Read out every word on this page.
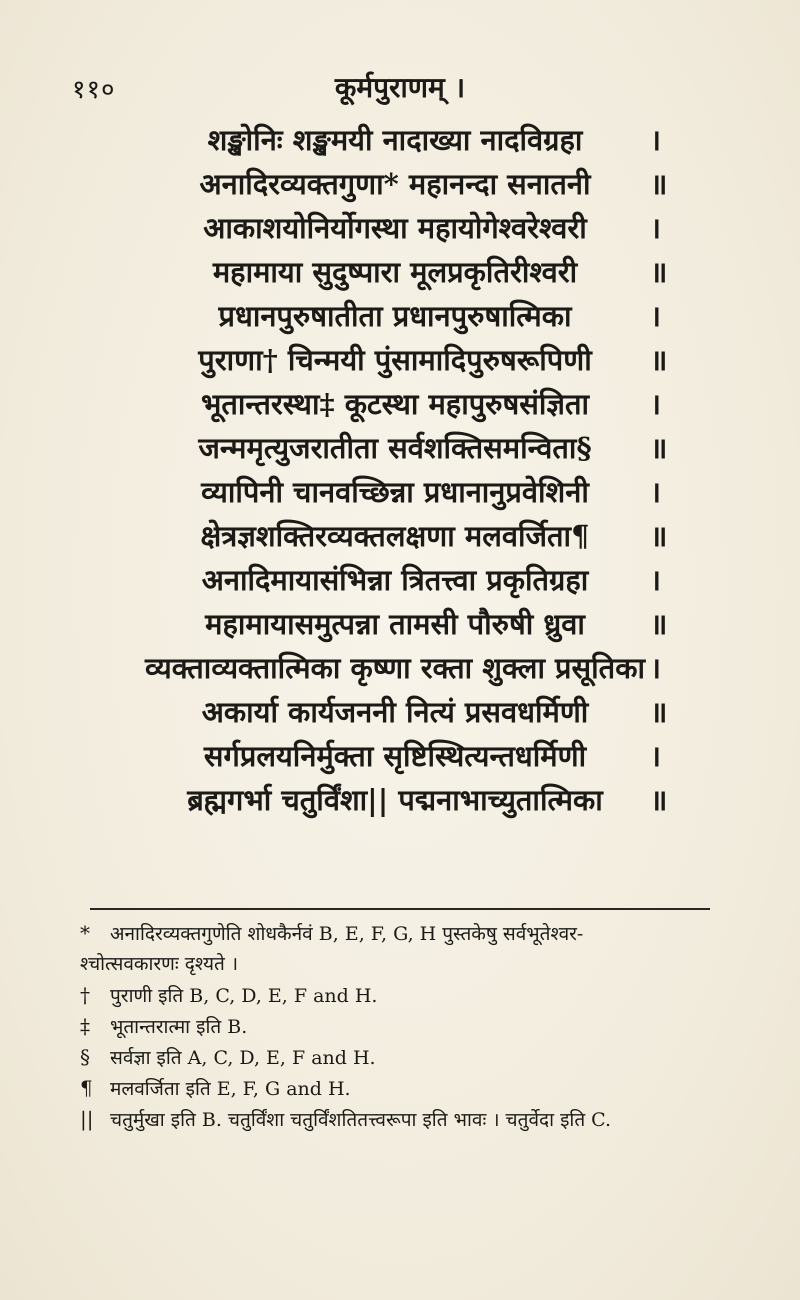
११०	कूर्मपुराणम् ।
शङ्खोनिः शङ्खमयी नादाख्या नादविग्रहा	।
अनादिरव्यक्तगुणा* महानन्दा सनातनी	॥
आकाशयोनिर्योगस्था महायोगेश्वरेश्वरी	।
महामाया सुदुष्पारा मूलप्रकृतिरीश्वरी	॥
प्रधानपुरुषातीता प्रधानपुरुषात्मिका	।
पुराणा† चिन्मयी पुंसामादिपुरुषरूपिणी	॥
भूतान्तरस्था‡ कूटस्था महापुरुषसंज्ञिता	।
जन्ममृत्युजरातीता सर्वशक्तिसमन्विता§	॥
व्यापिनी चानवच्छिन्ना प्रधानानुप्रवेशिनी	।
क्षेत्रज्ञशक्तिरव्यक्तलक्षणा मलवर्जिता¶	॥
अनादिमायासंभिन्ना त्रितत्त्वा प्रकृतिग्रहा	।
महामायासमुत्पन्ना तामसी पौरुषी ध्रुवा	॥
व्यक्ताव्यक्तात्मिका कृष्णा रक्ता शुक्ला प्रसूतिका ।
अकार्या कार्यजननी नित्यं प्रसवधर्मिणी	॥
सर्गप्रलयनिर्मुक्ता सृष्टिस्थित्यन्तधर्मिणी	।
ब्रह्मगर्भा चतुर्विंशा|| पद्मनाभाच्युतात्मिका	॥
* अनादिरव्यक्तगुणेति शोधकैर्नवं B, E, F, G, H पुस्तकेषु सर्वभूतेश्वर-
श्चोत्सवकारणः दृश्यते ।
† पुराणी इति B, C, D, E, F and H.
‡ भूतान्तरात्मा इति B.
§ सर्वज्ञा इति A, C, D, E, F and H.
¶ मलवर्जिता इति E, F, G and H.
|| चतुर्मुखा इति B. चतुर्विंशा चतुर्विंशतितत्त्वरूपा इति भावः । चतुर्वेदा इति C.
